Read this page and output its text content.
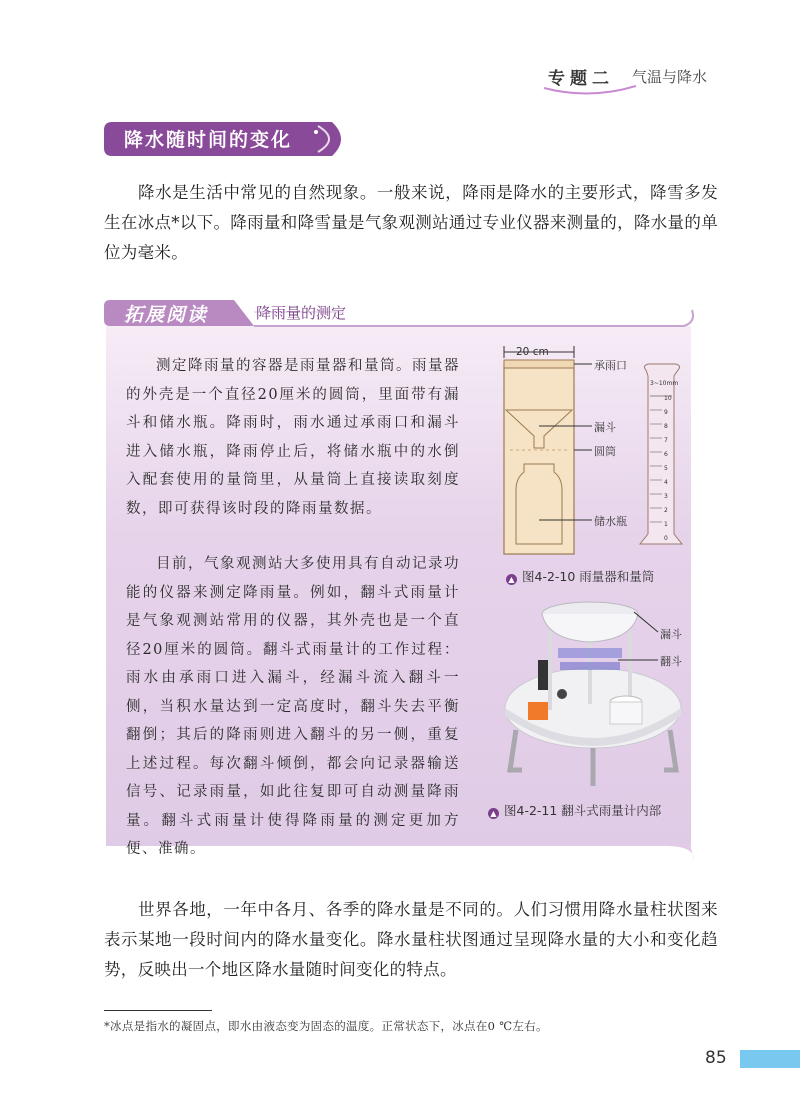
专题二 气温与降水
降水随时间的变化
降水是生活中常见的自然现象。一般来说，降雨是降水的主要形式，降雪多发生在冰点*以下。降雨量和降雪量是气象观测站通过专业仪器来测量的，降水量的单位为毫米。
拓展阅读	降雨量的测定
测定降雨量的容器是雨量器和量筒。雨量器的外壳是一个直径20厘米的圆筒，里面带有漏斗和储水瓶。降雨时，雨水通过承雨口和漏斗进入储水瓶，降雨停止后，将储水瓶中的水倒入配套使用的量筒里，从量筒上直接读取刻度数，即可获得该时段的降雨量数据。
目前，气象观测站大多使用具有自动记录功能的仪器来测定降雨量。例如，翻斗式雨量计是气象观测站常用的仪器，其外壳也是一个直径20厘米的圆筒。翻斗式雨量计的工作过程：雨水由承雨口进入漏斗，经漏斗流入翻斗一侧，当积水量达到一定高度时，翻斗失去平衡翻倒；其后的降雨则进入翻斗的另一侧，重复上述过程。每次翻斗倾倒，都会向记录器输送信号、记录雨量，如此往复即可自动测量降雨量。翻斗式雨量计使得降雨量的测定更加方便、准确。
20 cm
承雨口
漏斗
圆筒
储水瓶
3~10mm
10
9
8
7
6
5
4
3
2
1
0
▲ 图4-2-10 雨量器和量筒
漏斗
翻斗
▲ 图4-2-11 翻斗式雨量计内部
世界各地，一年中各月、各季的降水量是不同的。人们习惯用降水量柱状图来表示某地一段时间内的降水量变化。降水量柱状图通过呈现降水量的大小和变化趋势，反映出一个地区降水量随时间变化的特点。
*冰点是指水的凝固点，即水由液态变为固态的温度。正常状态下，冰点在0 ℃左右。
85
